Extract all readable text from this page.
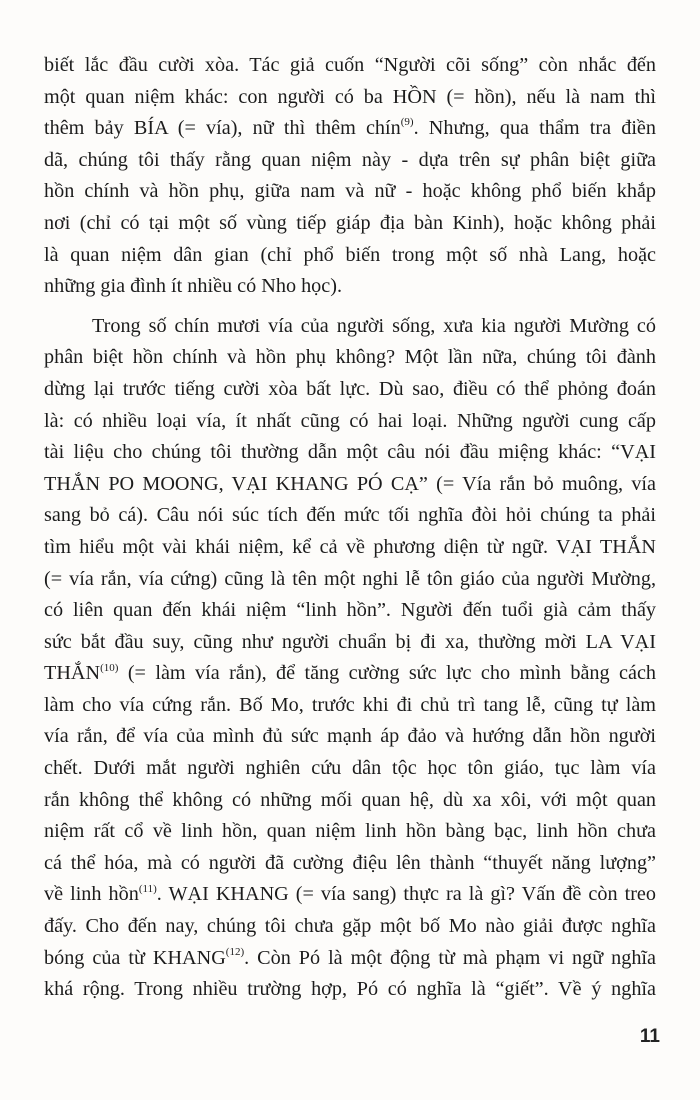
biết lắc đầu cười xòa. Tác giả cuốn “Người cõi sống” còn nhắc đến
một quan niệm khác: con người có ba HỒN (= hồn), nếu là nam thì
thêm bảy BÍA (= vía), nữ thì thêm chín$^{(9)}$. Nhưng, qua thẩm tra điền
dã, chúng tôi thấy rằng quan niệm này - dựa trên sự phân biệt giữa
hồn chính và hồn phụ, giữa nam và nữ - hoặc không phổ biến khắp
nơi (chỉ có tại một số vùng tiếp giáp địa bàn Kinh), hoặc không phải
là quan niệm dân gian (chỉ phổ biến trong một số nhà Lang, hoặc
những gia đình ít nhiều có Nho học).
Trong số chín mươi vía của người sống, xưa kia người Mường có
phân biệt hồn chính và hồn phụ không? Một lần nữa, chúng tôi đành
dừng lại trước tiếng cười xòa bất lực. Dù sao, điều có thể phỏng đoán
là: có nhiều loại vía, ít nhất cũng có hai loại. Những người cung cấp
tài liệu cho chúng tôi thường dẫn một câu nói đầu miệng khác: “VẠI
THẮN PO MOONG, VẠI KHANG PÓ CẠ” (= Vía rắn bỏ muông, vía
sang bỏ cá). Câu nói súc tích đến mức tối nghĩa đòi hỏi chúng ta phải
tìm hiểu một vài khái niệm, kể cả về phương diện từ ngữ. VẠI THẮN
(= vía rắn, vía cứng) cũng là tên một nghi lễ tôn giáo của người Mường,
có liên quan đến khái niệm “linh hồn”. Người đến tuổi già cảm thấy
sức bắt đầu suy, cũng như người chuẩn bị đi xa, thường mời LA VẠI
THẮN$^{(10)}$ (= làm vía rắn), để tăng cường sức lực cho mình bằng cách
làm cho vía cứng rắn. Bố Mo, trước khi đi chủ trì tang lễ, cũng tự làm
vía rắn, để vía của mình đủ sức mạnh áp đảo và hướng dẫn hồn người
chết. Dưới mắt người nghiên cứu dân tộc học tôn giáo, tục làm vía
rắn không thể không có những mối quan hệ, dù xa xôi, với một quan
niệm rất cổ về linh hồn, quan niệm linh hồn bàng bạc, linh hồn chưa
cá thể hóa, mà có người đã cường điệu lên thành “thuyết năng lượng”
về linh hồn$^{(11)}$. WẠI KHANG (= vía sang) thực ra là gì? Vấn đề còn treo
đấy. Cho đến nay, chúng tôi chưa gặp một bố Mo nào giải được nghĩa
bóng của từ KHANG$^{(12)}$. Còn Pó là một động từ mà phạm vi ngữ nghĩa
khá rộng. Trong nhiều trường hợp, Pó có nghĩa là “giết”. Về ý nghĩa
11
